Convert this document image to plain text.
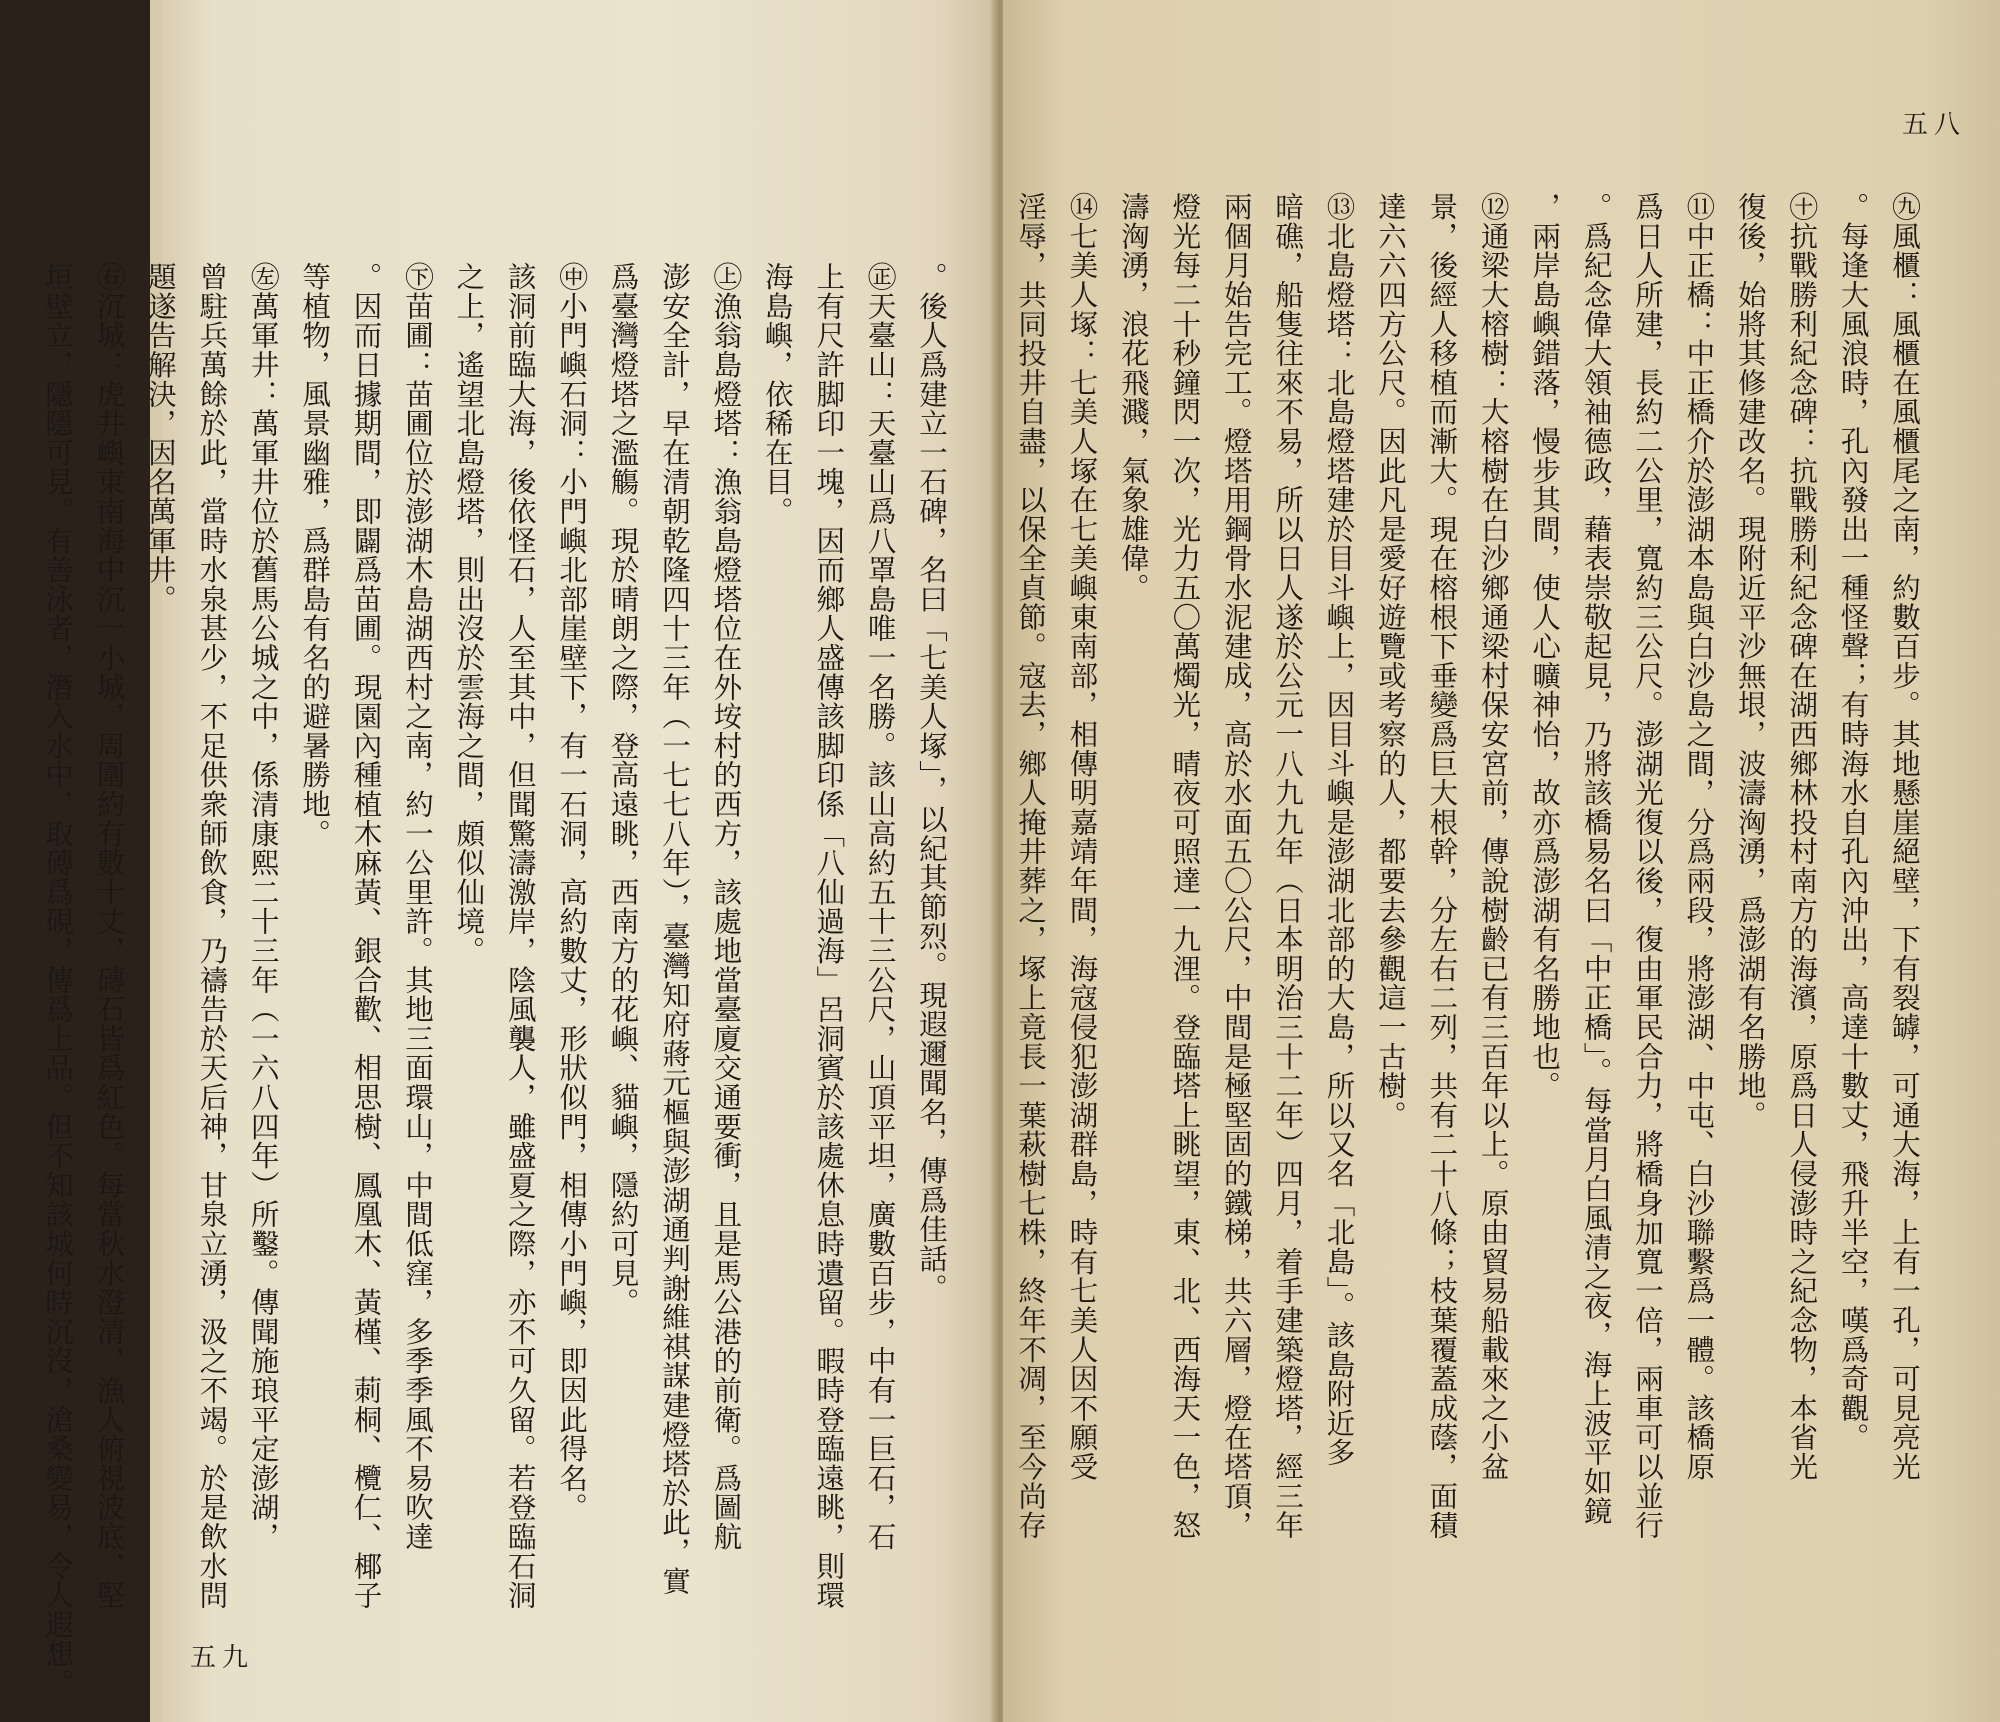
。後人爲建立一石碑，名曰「七美人塚」，以紀其節烈。現遐邇聞名，傳爲佳話。
㊣天臺山：天臺山爲八罩島唯一名勝。該山高約五十三公尺，山頂平坦，廣數百步，中有一巨石，石
上有尺許脚印一塊，因而鄉人盛傳該脚印係「八仙過海」呂洞賓於該處休息時遺留。暇時登臨遠眺，則環
海島嶼，依稀在目。
㊤漁翁島燈塔：漁翁島燈塔位在外垵村的西方，該處地當臺廈交通要衝，且是馬公港的前衛。爲圖航
澎安全計，早在清朝乾隆四十三年（一七七八年），臺灣知府蔣元樞與澎湖通判謝維祺謀建燈塔於此，實
爲臺灣燈塔之濫觴。現於晴朗之際，登高遠眺，西南方的花嶼、貓嶼，隱約可見。
㊥小門嶼石洞：小門嶼北部崖壁下，有一石洞，高約數丈，形狀似門，相傳小門嶼，即因此得名。
該洞前臨大海，後依怪石，人至其中，但聞驚濤激岸，陰風襲人，雖盛夏之際，亦不可久留。若登臨石洞
之上，遙望北島燈塔，則出沒於雲海之間，頗似仙境。
㊦苗圃：苗圃位於澎湖木島湖西村之南，約一公里許。其地三面環山，中間低窪，多季季風不易吹達
。因而日據期間，即闢爲苗圃。現園內種植木麻黃、銀合歡、相思樹、鳳凰木、黃槿、莿桐、欖仁、椰子
等植物，風景幽雅，爲群島有名的避暑勝地。
㊧萬軍井：萬軍井位於舊馬公城之中，係清康熙二十三年（一六八四年）所鑿。傳聞施琅平定澎湖，
曾駐兵萬餘於此，當時水泉甚少，不足供衆師飲食，乃禱告於天后神，甘泉立湧，汲之不竭。於是飲水問
題遂告解決，因名萬軍井。
㊨沉城：虎井嶼東南海中沉一小城，周圍約有數十丈，磚石皆爲紅色。每當秋水澄清，漁人俯視波底，堅
垣壁立，隱隱可見。有善泳者，潛入水中，取磚爲硯，傳爲上品。但不知該城何時沉沒，滄桑變易，令人遐想。	五九
㊈風櫃：風櫃在風櫃尾之南，約數百步。其地懸崖絕壁，下有裂罅，可通大海，上有一孔，可見亮光
。每逢大風浪時，孔內發出一種怪聲；有時海水自孔內沖出，高達十數丈，飛升半空，嘆爲奇觀。
㊉抗戰勝利紀念碑：抗戰勝利紀念碑在湖西鄉林投村南方的海濱，原爲日人侵澎時之紀念物，本省光
復後，始將其修建改名。現附近平沙無垠，波濤洶湧，爲澎湖有名勝地。
⑪中正橋：中正橋介於澎湖本島與白沙島之間，分爲兩段，將澎湖、中屯、白沙聯繫爲一體。該橋原
爲日人所建，長約二公里，寬約三公尺。澎湖光復以後，復由軍民合力，將橋身加寬一倍，兩車可以並行
。爲紀念偉大領袖德政，藉表崇敬起見，乃將該橋易名曰「中正橋」。每當月白風清之夜，海上波平如鏡
，兩岸島嶼錯落，慢步其間，使人心曠神怡，故亦爲澎湖有名勝地也。
⑫通梁大榕樹：大榕樹在白沙鄉通梁村保安宮前，傳說樹齡已有三百年以上。原由貿易船載來之小盆
景，後經人移植而漸大。現在榕根下垂變爲巨大根幹，分左右二列，共有二十八條；枝葉覆蓋成蔭，面積
達六六四方公尺。因此凡是愛好遊覽或考察的人，都要去參觀這一古樹。
⑬北島燈塔：北島燈塔建於目斗嶼上，因目斗嶼是澎湖北部的大島，所以又名「北島」。該島附近多
暗礁，船隻往來不易，所以日人遂於公元一八九九年（日本明治三十二年）四月，着手建築燈塔，經三年
兩個月始告完工。燈塔用鋼骨水泥建成，高於水面五〇公尺，中間是極堅固的鐵梯，共六層，燈在塔頂，
燈光每二十秒鐘閃一次，光力五〇萬燭光，晴夜可照達一九浬。登臨塔上眺望，東、北、西海天一色，怒
濤洶湧，浪花飛濺，氣象雄偉。
⑭七美人塚：七美人塚在七美嶼東南部，相傳明嘉靖年間，海寇侵犯澎湖群島，時有七美人因不願受
淫辱，共同投井自盡，以保全貞節。寇去，鄉人掩井葬之，塚上竟長一葉萩樹七株，終年不凋，至今尚存
五八
